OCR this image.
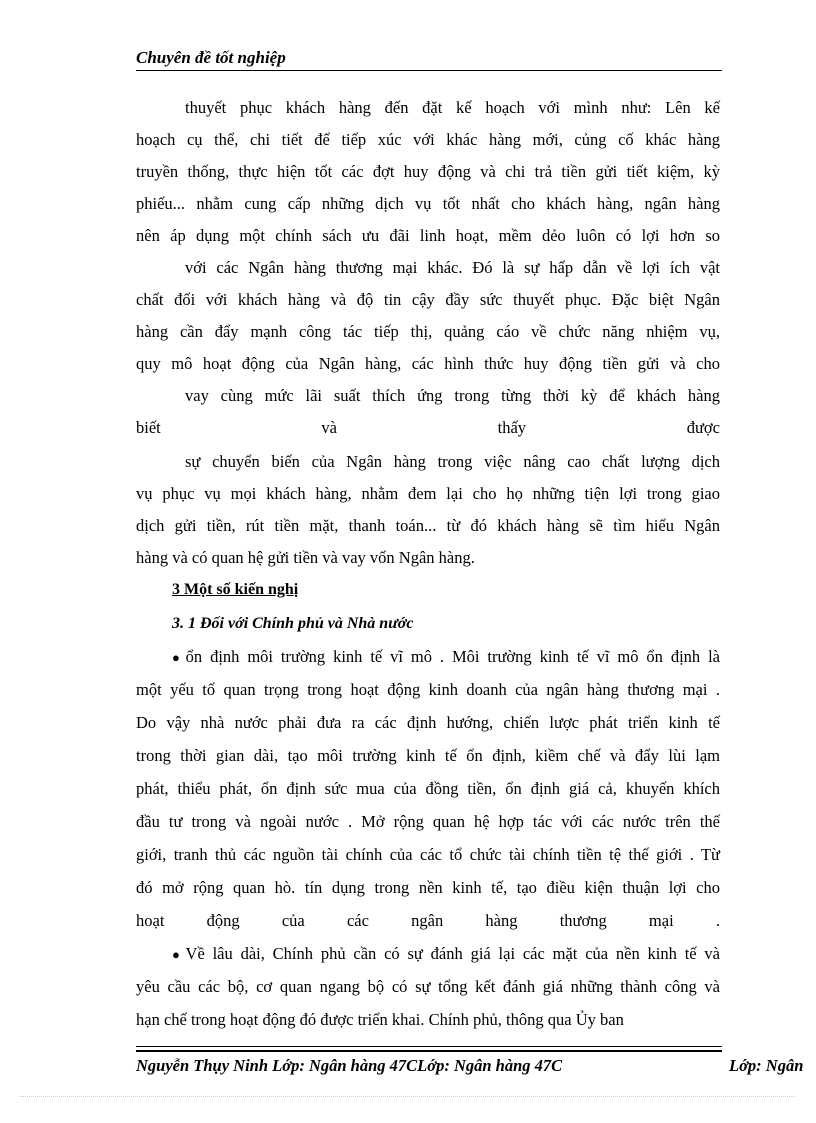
Chuyên đề tốt nghiệp
thuyết phục khách hàng đến đặt kế hoạch với mình như: Lên kế
hoạch cụ thể, chi tiết để tiếp xúc với khác hàng mới, củng cố khác hàng
truyền thống, thực hiện tốt các đợt huy động và chi trả tiền gửi tiết kiệm, kỳ
phiếu... nhằm cung cấp những dịch vụ tốt nhất cho khách hàng, ngân hàng
nên áp dụng một chính sách ưu đãi linh hoạt, mềm dẻo luôn có lợi hơn so
với các Ngân hàng thương mại khác. Đó là sự hấp dẫn về lợi ích vật
chất đối với khách hàng và độ tin cậy đầy sức thuyết phục. Đặc biệt Ngân
hàng cần đẩy mạnh công tác tiếp thị, quảng cáo về chức năng nhiệm vụ,
quy mô hoạt động của Ngân hàng, các hình thức huy động tiền gửi và cho
vay cùng mức lãi suất thích ứng trong từng thời kỳ để khách hàng
biết	và	thấy	được
sự chuyển biến của Ngân hàng trong việc nâng cao chất lượng dịch
vụ phục vụ mọi khách hàng, nhằm đem lại cho họ những tiện lợi trong giao
dịch gửi tiền, rút tiền mặt, thanh toán... từ đó khách hàng sẽ tìm hiểu Ngân
hàng và có quan hệ gửi tiền và vay vốn Ngân hàng.
3 Một số kiến nghị
3. 1 Đối với Chính phủ và Nhà nước
● ổn định môi trường kinh tế vĩ mô . Môi trường kinh tế vĩ mô ổn định là
một yếu tố quan trọng trong hoạt động kinh doanh của ngân hàng thương mại .
Do vậy nhà nước phải đưa ra các định hướng, chiến lược phát triển kinh tế
trong thời gian dài, tạo môi trường kinh tế ổn định, kiềm chế và đẩy lùi lạm
phát, thiểu phát, ổn định sức mua của đồng tiền, ổn định giá cả, khuyến khích
đầu tư trong và ngoài nước . Mở rộng quan hệ hợp tác với các nước trên thế
giới, tranh thủ các nguồn tài chính của các tổ chức tài chính tiền tệ thế giới . Từ
đó mở rộng quan hò. tín dụng trong nền kinh tế, tạo điều kiện thuận lợi cho
hoạt	động	của	các	ngân	hàng	thương	mại	.
● Về lâu dài, Chính phủ cần có sự đánh giá lại các mặt của nền kinh tế và
yêu cầu các bộ, cơ quan ngang bộ có sự tổng kết đánh giá những thành công và
hạn chế trong hoạt động đó được triển khai. Chính phủ, thông qua Ủy ban
Nguyễn Thụy Ninh Lớp: Ngân hàng 47CLớp: Ngân hàng 47C	Lớp: Ngân
